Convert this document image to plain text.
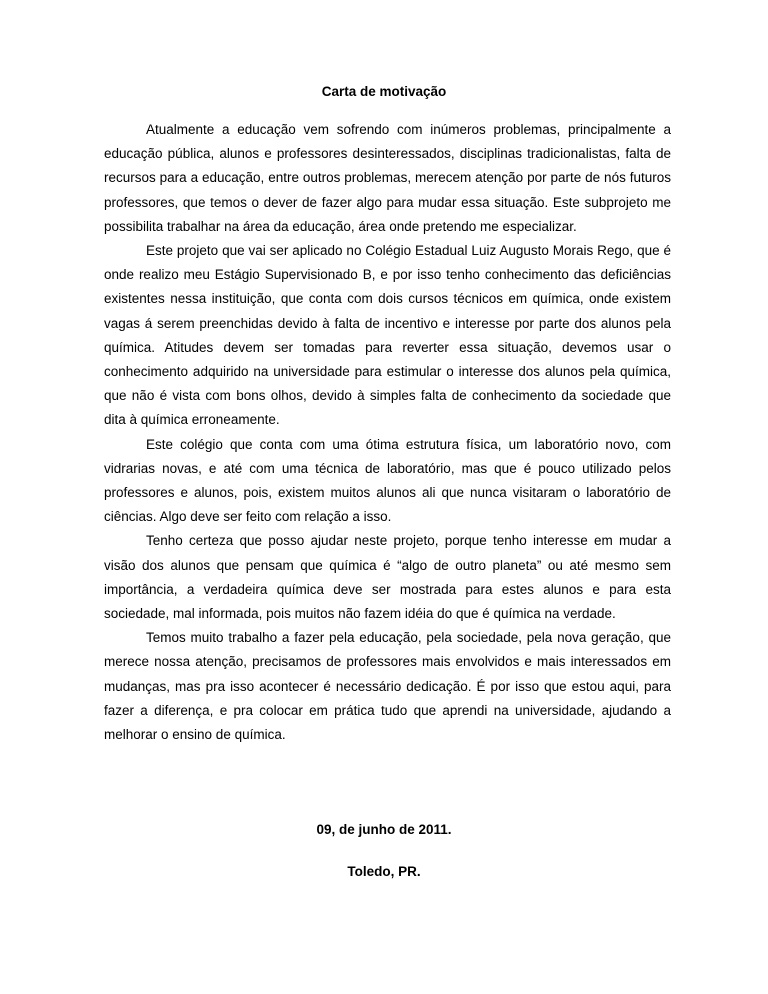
Carta de motivação

Atualmente a educação vem sofrendo com inúmeros problemas, principalmente a educação pública, alunos e professores desinteressados, disciplinas tradicionalistas, falta de recursos para a educação, entre outros problemas, merecem atenção por parte de nós futuros professores, que temos o dever de fazer algo para mudar essa situação. Este subprojeto me possibilita trabalhar na área da educação, área onde pretendo me especializar.

Este projeto que vai ser aplicado no Colégio Estadual Luiz Augusto Morais Rego, que é onde realizo meu Estágio Supervisionado B, e por isso tenho conhecimento das deficiências existentes nessa instituição, que conta com dois cursos técnicos em química, onde existem vagas á serem preenchidas devido à falta de incentivo e interesse por parte dos alunos pela química. Atitudes devem ser tomadas para reverter essa situação, devemos usar o conhecimento adquirido na universidade para estimular o interesse dos alunos pela química, que não é vista com bons olhos, devido à simples falta de conhecimento da sociedade que dita à química erroneamente.

Este colégio que conta com uma ótima estrutura física, um laboratório novo, com vidrarias novas, e até com uma técnica de laboratório, mas que é pouco utilizado pelos professores e alunos, pois, existem muitos alunos ali que nunca visitaram o laboratório de ciências. Algo deve ser feito com relação a isso.

Tenho certeza que posso ajudar neste projeto, porque tenho interesse em mudar a visão dos alunos que pensam que química é “algo de outro planeta” ou até mesmo sem importância, a verdadeira química deve ser mostrada para estes alunos e para esta sociedade, mal informada, pois muitos não fazem idéia do que é química na verdade.

Temos muito trabalho a fazer pela educação, pela sociedade, pela nova geração, que merece nossa atenção, precisamos de professores mais envolvidos e mais interessados em mudanças, mas pra isso acontecer é necessário dedicação. É por isso que estou aqui, para fazer a diferença, e pra colocar em prática tudo que aprendi na universidade, ajudando a melhorar o ensino de química.

09, de junho de 2011.
Toledo, PR.
